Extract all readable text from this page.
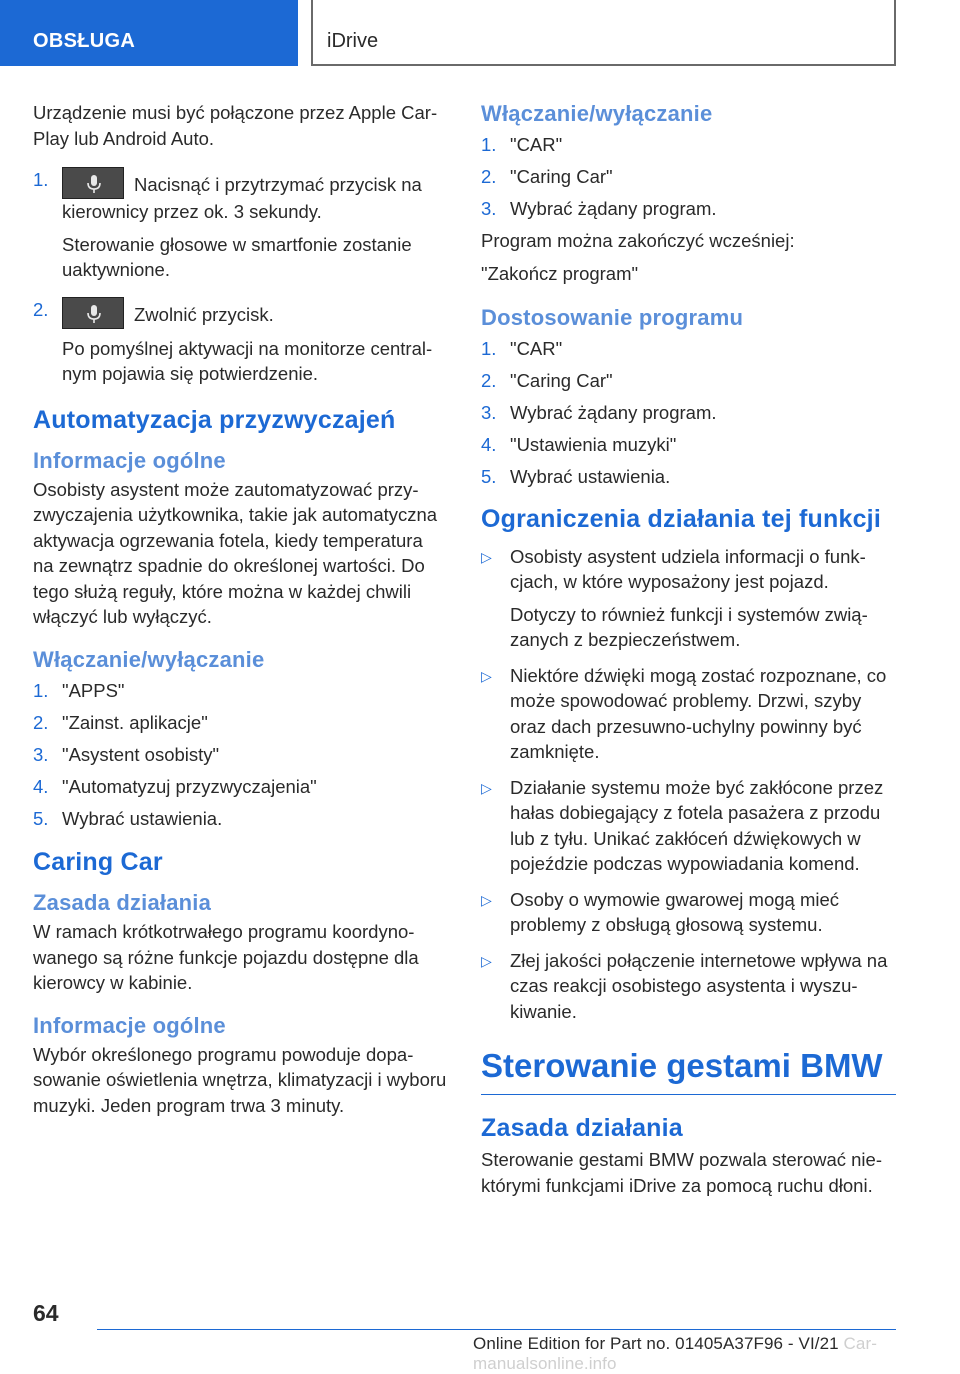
OBSŁUGA	iDrive

Urządzenie musi być połączone przez Apple CarPlay lub Android Auto.

1.	Nacisnąć i przytrzymać przycisk na kierownicy przez ok. 3 sekundy.

Sterowanie głosowe w smartfonie zostanie uaktywnione.

2.	Zwolnić przycisk.

Po pomyślnej aktywacji na monitorze centralnym pojawia się potwierdzenie.

Automatyzacja przyzwyczajeń
Informacje ogólne

Osobisty asystent może zautomatyzować przyzwyczajenia użytkownika, takie jak automatyczna aktywacja ogrzewania fotela, kiedy temperatura na zewnątrz spadnie do określonej wartości. Do tego służą reguły, które można w każdej chwili włączyć lub wyłączyć.

Włączanie/wyłączanie
1. "APPS"
2. "Zainst. aplikacje"
3. "Asystent osobisty"
4. "Automatyzuj przyzwyczajenia"
5. Wybrać ustawienia.
Caring Car
Zasada działania

W ramach krótkotrwałego programu koordynowanego są różne funkcje pojazdu dostępne dla kierowcy w kabinie.

Informacje ogólne

Wybór określonego programu powoduje dopasowanie oświetlenia wnętrza, klimatyzacji i wyboru muzyki. Jeden program trwa 3 minuty.

Włączanie/wyłączanie
1. "CAR"
2. "Caring Car"
3. Wybrać żądany program.

Program można zakończyć wcześniej:

"Zakończ program"

Dostosowanie programu
1. "CAR"
2. "Caring Car"
3. Wybrać żądany program.
4. "Ustawienia muzyki"
5. Wybrać ustawienia.
Ograniczenia działania tej funkcji
▷ Osobisty asystent udziela informacji o funkcjach, w które wyposażony jest pojazd.

Dotyczy to również funkcji i systemów związanych z bezpieczeństwem.

▷ Niektóre dźwięki mogą zostać rozpoznane, co może spowodować problemy. Drzwi, szyby oraz dach przesuwno-uchylny powinny być zamknięte.

▷ Działanie systemu może być zakłócone przez hałas dobiegający z fotela pasażera z przodu lub z tyłu. Unikać zakłóceń dźwiękowych w pojeździe podczas wypowiadania komend.

▷ Osoby o wymowie gwarowej mogą mieć problemy z obsługą głosową systemu.

▷ Złej jakości połączenie internetowe wpływa na czas reakcji osobistego asystenta i wyszukiwanie.

Sterowanie gestami BMW
Zasada działania

Sterowanie gestami BMW pozwala sterować niektórymi funkcjami iDrive za pomocą ruchu dłoni.

64
Online Edition for Part no. 01405A37F96 - VI/21 Car-manualsonline.info
